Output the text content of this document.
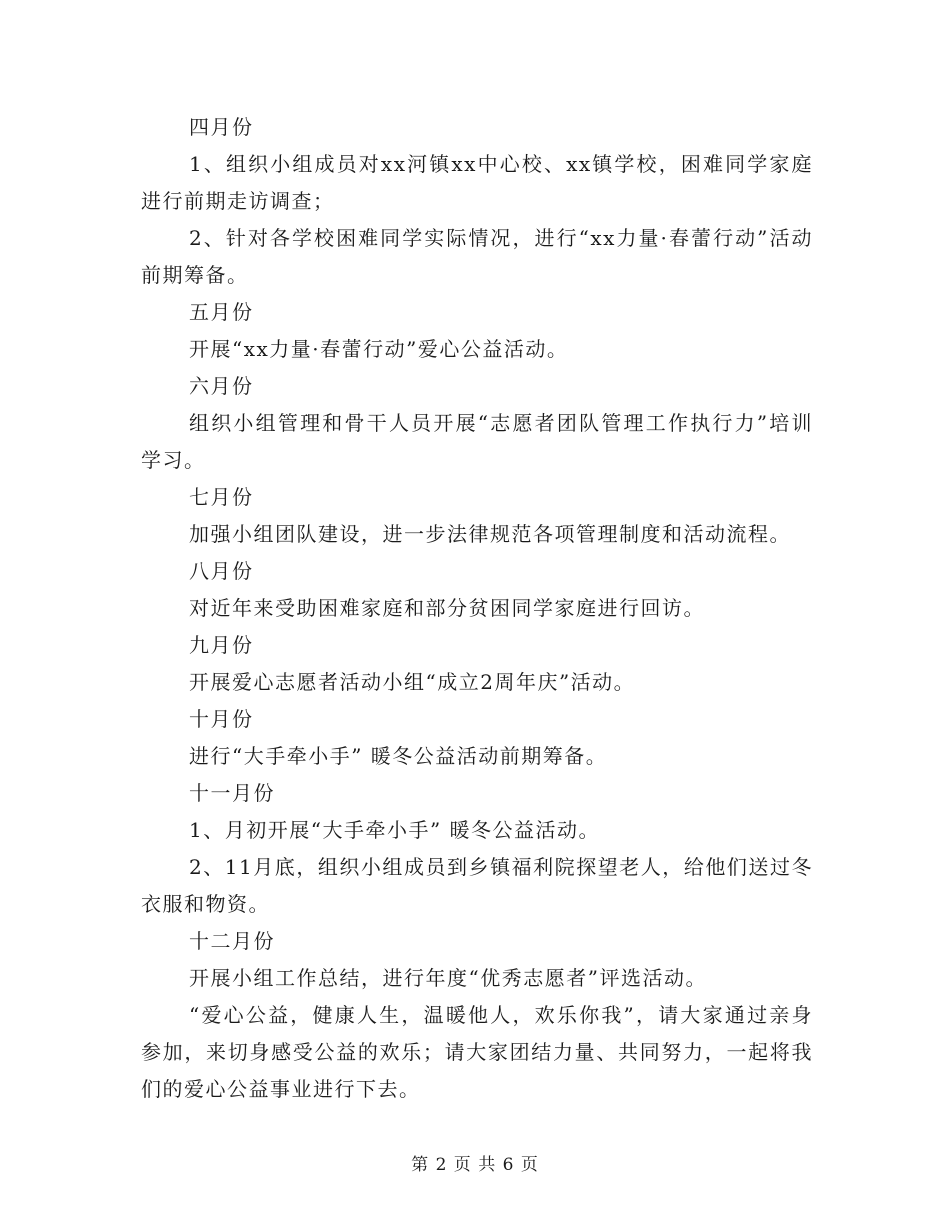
四月份

1、组织小组成员对xx河镇xx中心校、xx镇学校，困难同学家庭进行前期走访调查；

2、针对各学校困难同学实际情况，进行“xx力量·春蕾行动”活动前期筹备。

五月份

开展“xx力量·春蕾行动”爱心公益活动。

六月份

组织小组管理和骨干人员开展“志愿者团队管理工作执行力”培训学习。

七月份

加强小组团队建设，进一步法律规范各项管理制度和活动流程。

八月份

对近年来受助困难家庭和部分贫困同学家庭进行回访。

九月份

开展爱心志愿者活动小组“成立2周年庆”活动。

十月份

进行“大手牵小手” 暖冬公益活动前期筹备。

十一月份

1、月初开展“大手牵小手” 暖冬公益活动。

2、11月底，组织小组成员到乡镇福利院探望老人，给他们送过冬衣服和物资。

十二月份

开展小组工作总结，进行年度“优秀志愿者”评选活动。

“爱心公益，健康人生，温暖他人，欢乐你我”，请大家通过亲身参加，来切身感受公益的欢乐；请大家团结力量、共同努力，一起将我们的爱心公益事业进行下去。

第 2 页 共 6 页
